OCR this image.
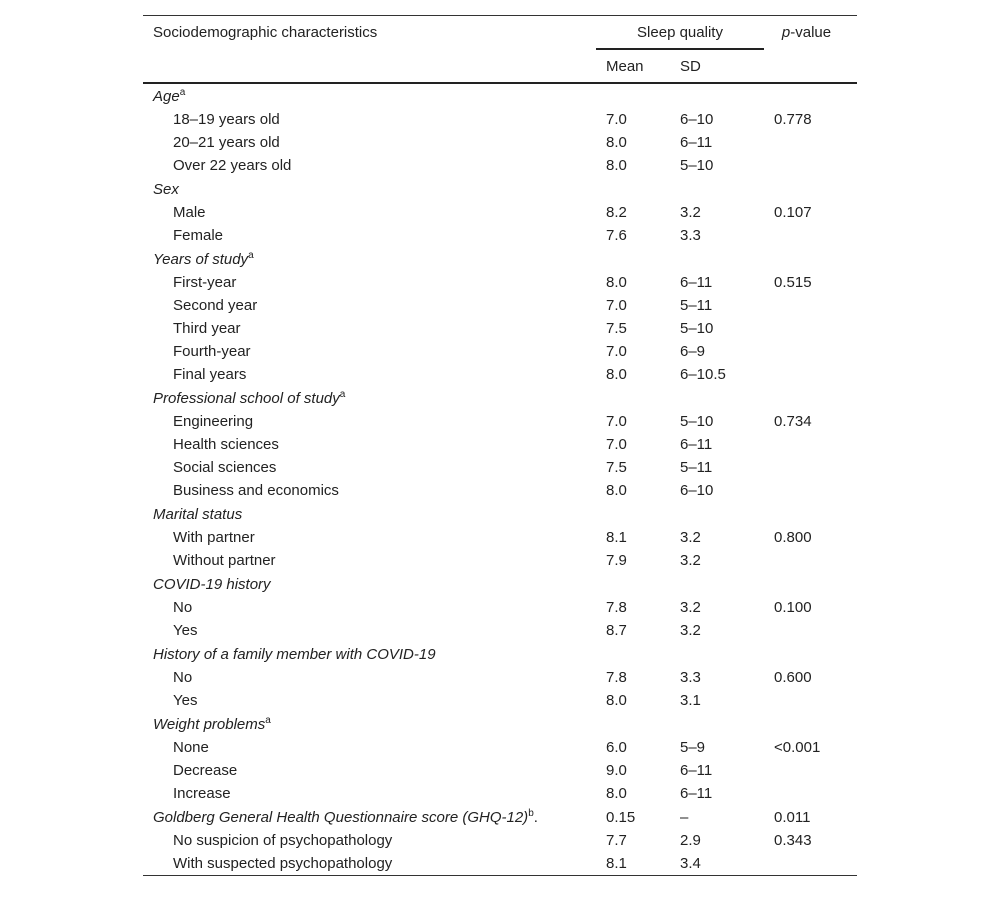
Sociodemographic characteristics	Sleep quality		p-value
	Mean	SD	
Age$^a$			
18–19 years old	7.0	6–10	0.778
20–21 years old	8.0	6–11	
Over 22 years old	8.0	5–10	
Sex			
Male	8.2	3.2	0.107
Female	7.6	3.3	
Years of study$^a$			
First-year	8.0	6–11	0.515
Second year	7.0	5–11	
Third year	7.5	5–10	
Fourth-year	7.0	6–9	
Final years	8.0	6–10.5	
Professional school of study$^a$			
Engineering	7.0	5–10	0.734
Health sciences	7.0	6–11	
Social sciences	7.5	5–11	
Business and economics	8.0	6–10	
Marital status			
With partner	8.1	3.2	0.800
Without partner	7.9	3.2	
COVID-19 history			
No	7.8	3.2	0.100
Yes	8.7	3.2	
History of a family member with COVID-19			
No	7.8	3.3	0.600
Yes	8.0	3.1	
Weight problems$^a$			
None	6.0	5–9	<0.001
Decrease	9.0	6–11	
Increase	8.0	6–11	
Goldberg General Health Questionnaire score $(GHQ-12)^b$.	0.15	–	0.011
No suspicion of psychopathology	7.7	2.9	0.343
With suspected psychopathology	8.1	3.4	
